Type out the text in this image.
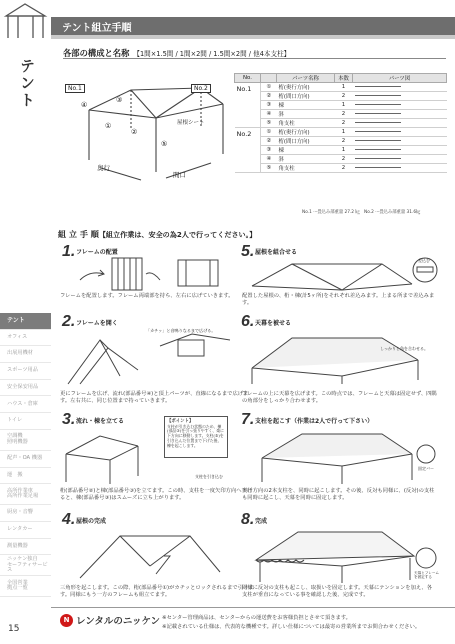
テント
テント
オフィス
出展用機材
スポーツ用品
安全保安用品
ハウス・倉庫
トイレ
空調機
照明機器
配声・OA 機器
運　搬
高所作業車
高所作業足場
厨房・音響
レンタカー
測量機器
ニッケン独自
セーフティサービス
全国営業
拠点一覧
15
テント組立手順
各部の構成と名称 【1間×1.5間 / 1間×2間 / 1.5間×2間 / 他4本支柱】
No.1	No.2
③
④
①
②
⑤
屋根シート
奥行
間口
No.		パーツ名称	本数	パーツ図
No.1	①	桁(奥行方向)	1	
	②	桁(間口方向)	2	
	③	棟	1	
	④	斜	2	
	⑤	角支柱	2	
No.2	①	桁(奥行方向)	1	
	②	桁(間口方向)	2	
	③	棟	1	
	④	斜	2	
	⑤	角支柱	2	
No.1 ···畳込み部重量 27.2 ㎏　No.2 ···畳込み部重量 31.6㎏
組 立 手 順【組立作業は、安全の為2人で行ってください。】
1. フレームの配置
フレームを配置します。フレーム両端部を持ち、左右に広げていきます。
5. 屋根を組合せる
差込む
配置した屋根の、桁・棟(計5ヶ所)をそれぞれ差込みます。上まる所まで差込みます。
2. フレームを開く
「カチッ」と音鳴りなるまで広げる。
更にフレームを広げ、流れ(部品番号④)と頂上パーツが、直線になるまで広げます。左右共に、同じ位置まで持っていきます。
6. 天幕を被せる
しっかりと角を合わせる。
フレームの上に天幕を広げます。この時点では、フレームと天幕は固定せず、四隅の角部分をしっかり合わせます。
3. 流れ・棟を立てる	【ポイント】
支柱が引き込む状態のため、棟(部品③)を引っ張りやすく、楽に下方向に移動します。支柱(⑤)を引き込んだ位置まで下げた後、棟を起こします。
支柱を引き込む
桁(部品番号②)と棟(部品番号③)を立てます。この時、支柱を一度矢印方向へ下げると、棟(部品番号③)はスムーズに立ち上がります。
7. 支柱を起こす（作業は2人で行って下さい）
固定バー
奥行方向の2本支柱を、同時に起こします。その後、反対も同様に、(反対)の支柱も同時に起こし、天幕を同時に固定します。
4. 屋根の完成
三角形を起こします。この際、桁(部品番号①)がカチッとロックされるまで引けます。同様にもう一方のフレームも組立てます。
8. 完成
天幕とフレームを固定する
同様に反対の支柱も起こし、取扱いを固定します。天幕にテンションを加え、各支柱が垂直になっている事を確認した後、完成です。
N レンタルのニッケン ※センター管理商品は、センターからの運送費をお客様負担とさせて頂きます。
※記載されている仕様は、代表的な機種です。詳しい仕様については最寄の営業所までお問合わせください。
